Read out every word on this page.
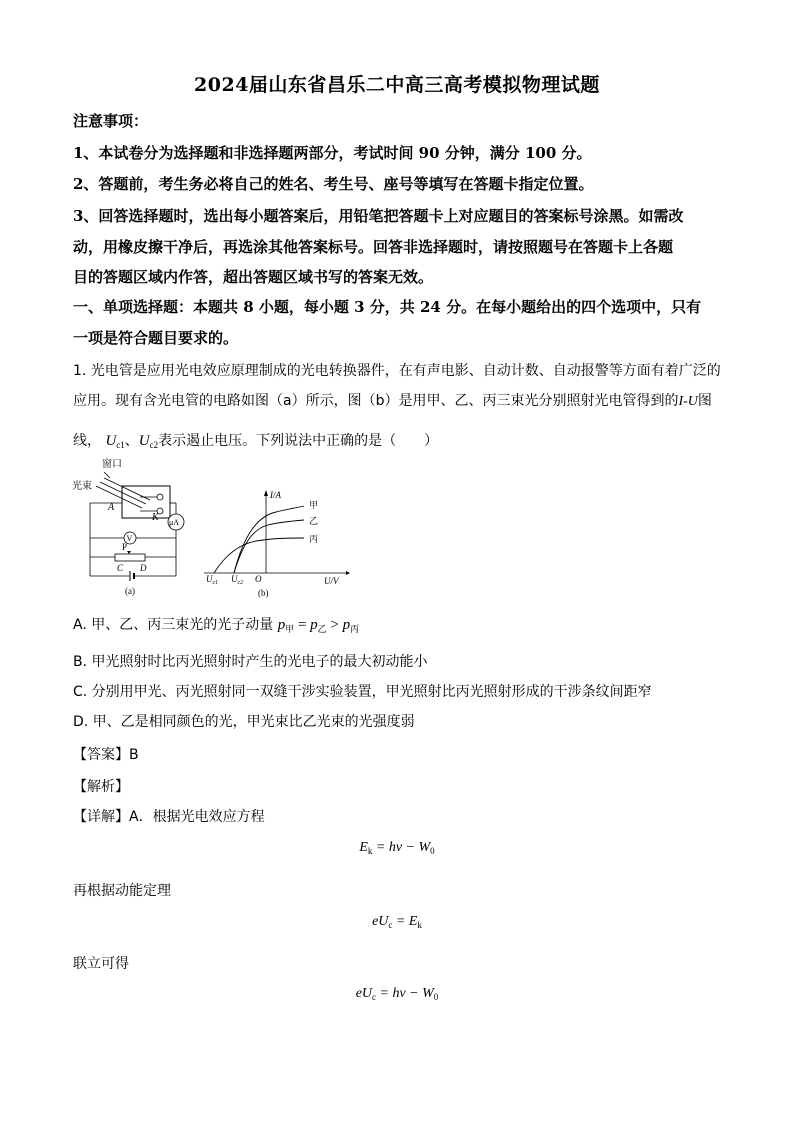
2024届山东省昌乐二中高三高考模拟物理试题
注意事项：
1、本试卷分为选择题和非选择题两部分，考试时间 90 分钟，满分 100 分。
2、答题前，考生务必将自己的姓名、考生号、座号等填写在答题卡指定位置。
3、回答选择题时，选出每小题答案后，用铅笔把答题卡上对应题目的答案标号涂黑。如需改
动，用橡皮擦干净后，再选涂其他答案标号。回答非选择题时，请按照题号在答题卡上各题
目的答题区域内作答，超出答题区域书写的答案无效。
一、单项选择题：本题共 8 小题，每小题 3 分，共 24 分。在每小题给出的四个选项中，只有
一项是符合题目要求的。
1. 光电管是应用光电效应原理制成的光电转换器件，在有声电影、自动计数、自动报警等方面有着广泛的
应用。现有含光电管的电路如图（a）所示，图（b）是用甲、乙、丙三束光分别照射光电管得到的I-U图
线， $U_{c1}$、$U_{c2}$表示遏止电压。下列说法中正确的是（　　）
窗口
光束
A
K μA
V
P
C D
(a)
I/A
U/V
O
$U_{c1}$ $U_{c2}$
甲
乙
丙
(b)
A. 甲、乙、丙三束光的光子动量 $p_甲 = p_乙 > p_丙$
B. 甲光照射时比丙光照射时产生的光电子的最大初动能小
C. 分别用甲光、丙光照射同一双缝干涉实验装置，甲光照射比丙光照射形成的干涉条纹间距窄
D. 甲、乙是相同颜色的光，甲光束比乙光束的光强度弱
【答案】B
【解析】
【详解】A．根据光电效应方程
$E_k = h\nu - W_0$
再根据动能定理
$eU_c = E_k$
联立可得
$eU_c = h\nu - W_0$
